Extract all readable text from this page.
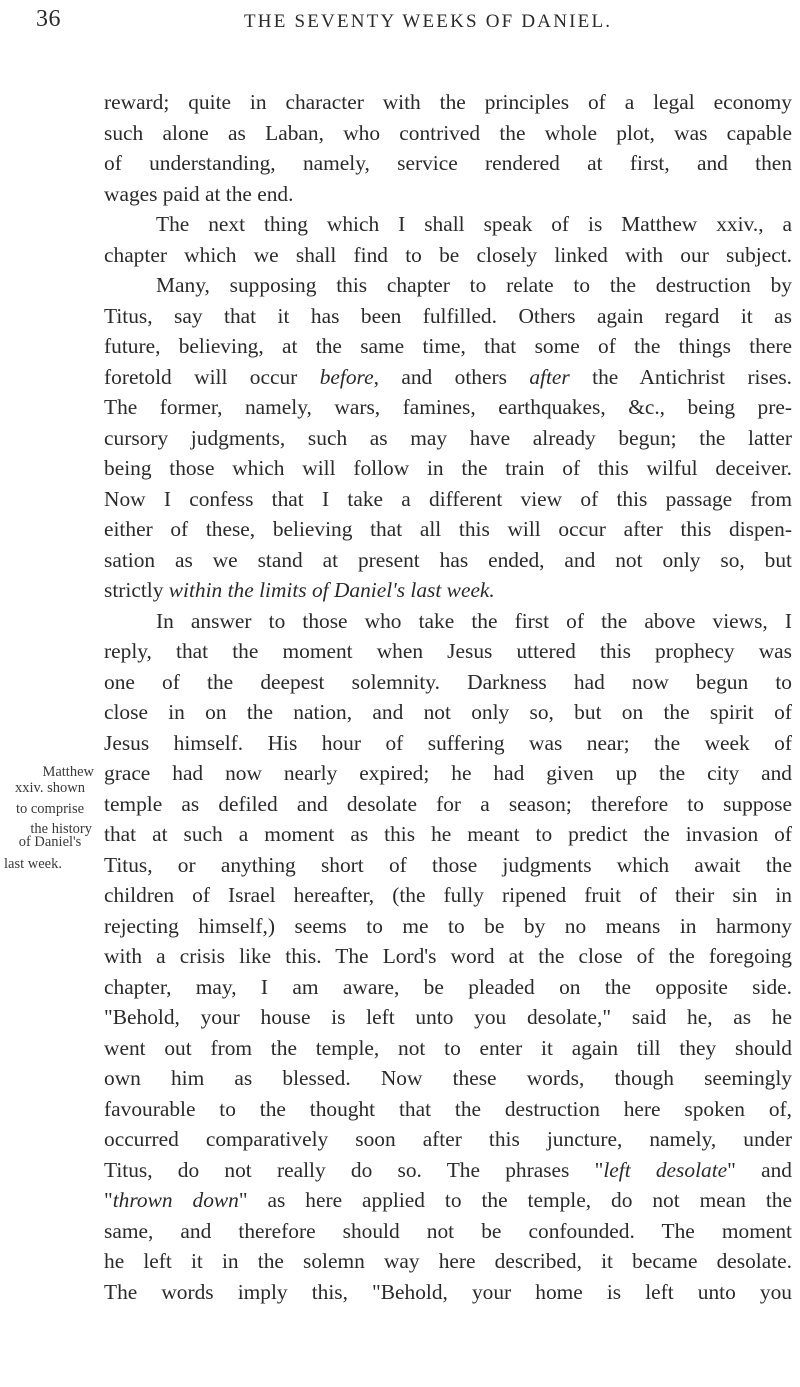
36	THE SEVENTY WEEKS OF DANIEL.
Matthew
xxiv. shown
to comprise
the history
of Daniel's
last week.
reward; quite in character with the principles of a legal economy
such alone as Laban, who contrived the whole plot, was capable
of understanding, namely, service rendered at first, and then
wages paid at the end.
The next thing which I shall speak of is Matthew xxiv., a
chapter which we shall find to be closely linked with our subject.
Many, supposing this chapter to relate to the destruction by
Titus, say that it has been fulfilled. Others again regard it as
future, believing, at the same time, that some of the things there
foretold will occur before, and others after the Antichrist rises.
The former, namely, wars, famines, earthquakes, &c., being pre-
cursory judgments, such as may have already begun; the latter
being those which will follow in the train of this wilful deceiver.
Now I confess that I take a different view of this passage from
either of these, believing that all this will occur after this dispen-
sation as we stand at present has ended, and not only so, but
strictly within the limits of Daniel's last week.
In answer to those who take the first of the above views, I
reply, that the moment when Jesus uttered this prophecy was
one of the deepest solemnity. Darkness had now begun to
close in on the nation, and not only so, but on the spirit of
Jesus himself. His hour of suffering was near; the week of
grace had now nearly expired; he had given up the city and
temple as defiled and desolate for a season; therefore to suppose
that at such a moment as this he meant to predict the invasion of
Titus, or anything short of those judgments which await the
children of Israel hereafter, (the fully ripened fruit of their sin in
rejecting himself,) seems to me to be by no means in harmony
with a crisis like this. The Lord's word at the close of the foregoing
chapter, may, I am aware, be pleaded on the opposite side.
"Behold, your house is left unto you desolate," said he, as he
went out from the temple, not to enter it again till they should
own him as blessed. Now these words, though seemingly
favourable to the thought that the destruction here spoken of,
occurred comparatively soon after this juncture, namely, under
Titus, do not really do so. The phrases "left desolate" and
"thrown down" as here applied to the temple, do not mean the
same, and therefore should not be confounded. The moment
he left it in the solemn way here described, it became desolate.
The words imply this, "Behold, your home is left unto you
